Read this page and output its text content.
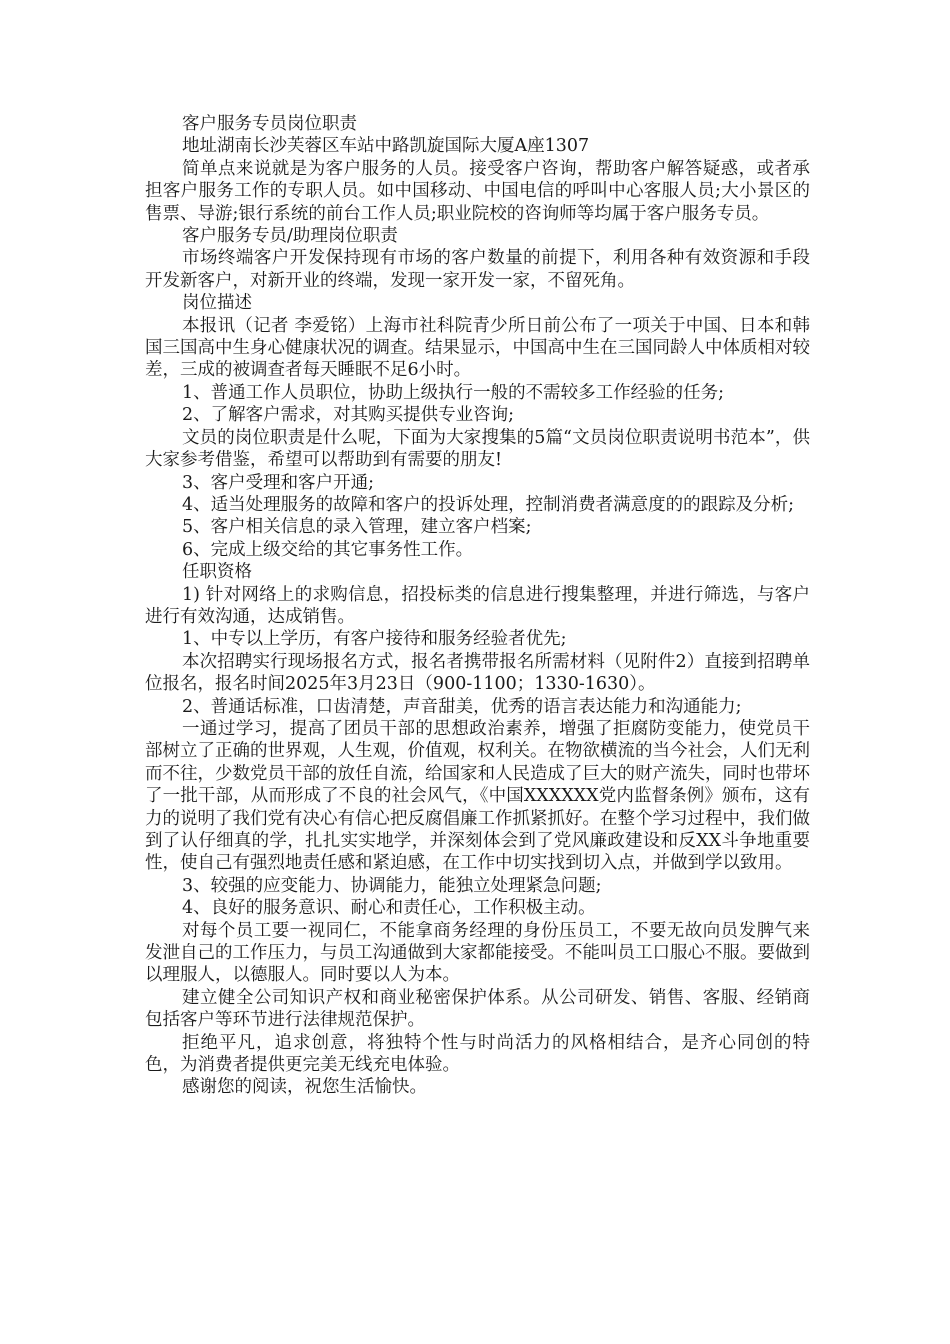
客户服务专员岗位职责

地址湖南长沙芙蓉区车站中路凯旋国际大厦A座1307

简单点来说就是为客户服务的人员。接受客户咨询，帮助客户解答疑惑，或者承担客户服务工作的专职人员。如中国移动、中国电信的呼叫中心客服人员;大小景区的售票、导游;银行系统的前台工作人员;职业院校的咨询师等均属于客户服务专员。

客户服务专员/助理岗位职责

市场终端客户开发保持现有市场的客户数量的前提下，利用各种有效资源和手段开发新客户，对新开业的终端，发现一家开发一家，不留死角。

岗位描述

本报讯（记者 李爱铭）上海市社科院青少所日前公布了一项关于中国、日本和韩国三国高中生身心健康状况的调查。结果显示，中国高中生在三国同龄人中体质相对较差，三成的被调查者每天睡眠不足6小时。

1、普通工作人员职位，协助上级执行一般的不需较多工作经验的任务;

2、了解客户需求，对其购买提供专业咨询;

文员的岗位职责是什么呢，下面为大家搜集的5篇“文员岗位职责说明书范本”，供大家参考借鉴，希望可以帮助到有需要的朋友!

3、客户受理和客户开通;

4、适当处理服务的故障和客户的投诉处理，控制消费者满意度的的跟踪及分析;

5、客户相关信息的录入管理，建立客户档案;

6、完成上级交给的其它事务性工作。

任职资格

1) 针对网络上的求购信息，招投标类的信息进行搜集整理，并进行筛选，与客户进行有效沟通，达成销售。

1、中专以上学历，有客户接待和服务经验者优先;

本次招聘实行现场报名方式，报名者携带报名所需材料（见附件2）直接到招聘单位报名，报名时间2025年3月23日（900-1100；1330-1630）。

2、普通话标准，口齿清楚，声音甜美，优秀的语言表达能力和沟通能力;

一通过学习，提高了团员干部的思想政治素养，增强了拒腐防变能力，使党员干部树立了正确的世界观，人生观，价值观，权利关。在物欲横流的当今社会，人们无利而不往，少数党员干部的放任自流，给国家和人民造成了巨大的财产流失，同时也带坏了一批干部，从而形成了不良的社会风气，《中国XXXXXX党内监督条例》颁布，这有力的说明了我们党有决心有信心把反腐倡廉工作抓紧抓好。在整个学习过程中，我们做到了认仔细真的学，扎扎实实地学，并深刻体会到了党风廉政建设和反XX斗争地重要性，使自己有强烈地责任感和紧迫感，在工作中切实找到切入点，并做到学以致用。

3、较强的应变能力、协调能力，能独立处理紧急问题;

4、良好的服务意识、耐心和责任心，工作积极主动。

对每个员工要一视同仁，不能拿商务经理的身份压员工，不要无故向员发脾气来发泄自己的工作压力，与员工沟通做到大家都能接受。不能叫员工口服心不服。要做到以理服人，以德服人。同时要以人为本。

建立健全公司知识产权和商业秘密保护体系。从公司研发、销售、客服、经销商包括客户等环节进行法律规范保护。

拒绝平凡，追求创意，将独特个性与时尚活力的风格相结合，是齐心同创的特色，为消费者提供更完美无线充电体验。

感谢您的阅读，祝您生活愉快。
